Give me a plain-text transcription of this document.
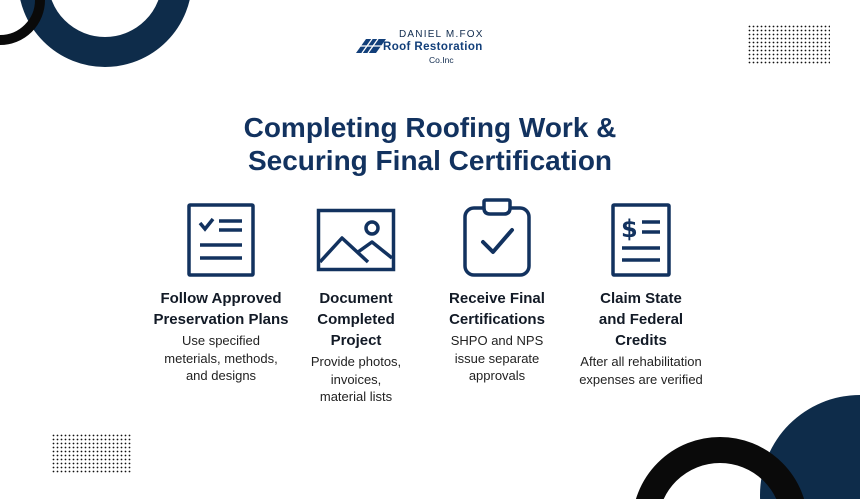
DANIEL M.FOX
Roof Restoration
Co.Inc
Completing Roofing Work &
Securing Final Certification
Follow Approved
Preservation Plans
Use specified
meterials, methods,
and designs
Document
Completed
Project
Provide photos,
invoices,
material lists
Receive Final
Certifications
SHPO and NPS
issue separate
approvals
$
Claim State
and Federal
Credits
After all rehabilitation
expenses are verified
